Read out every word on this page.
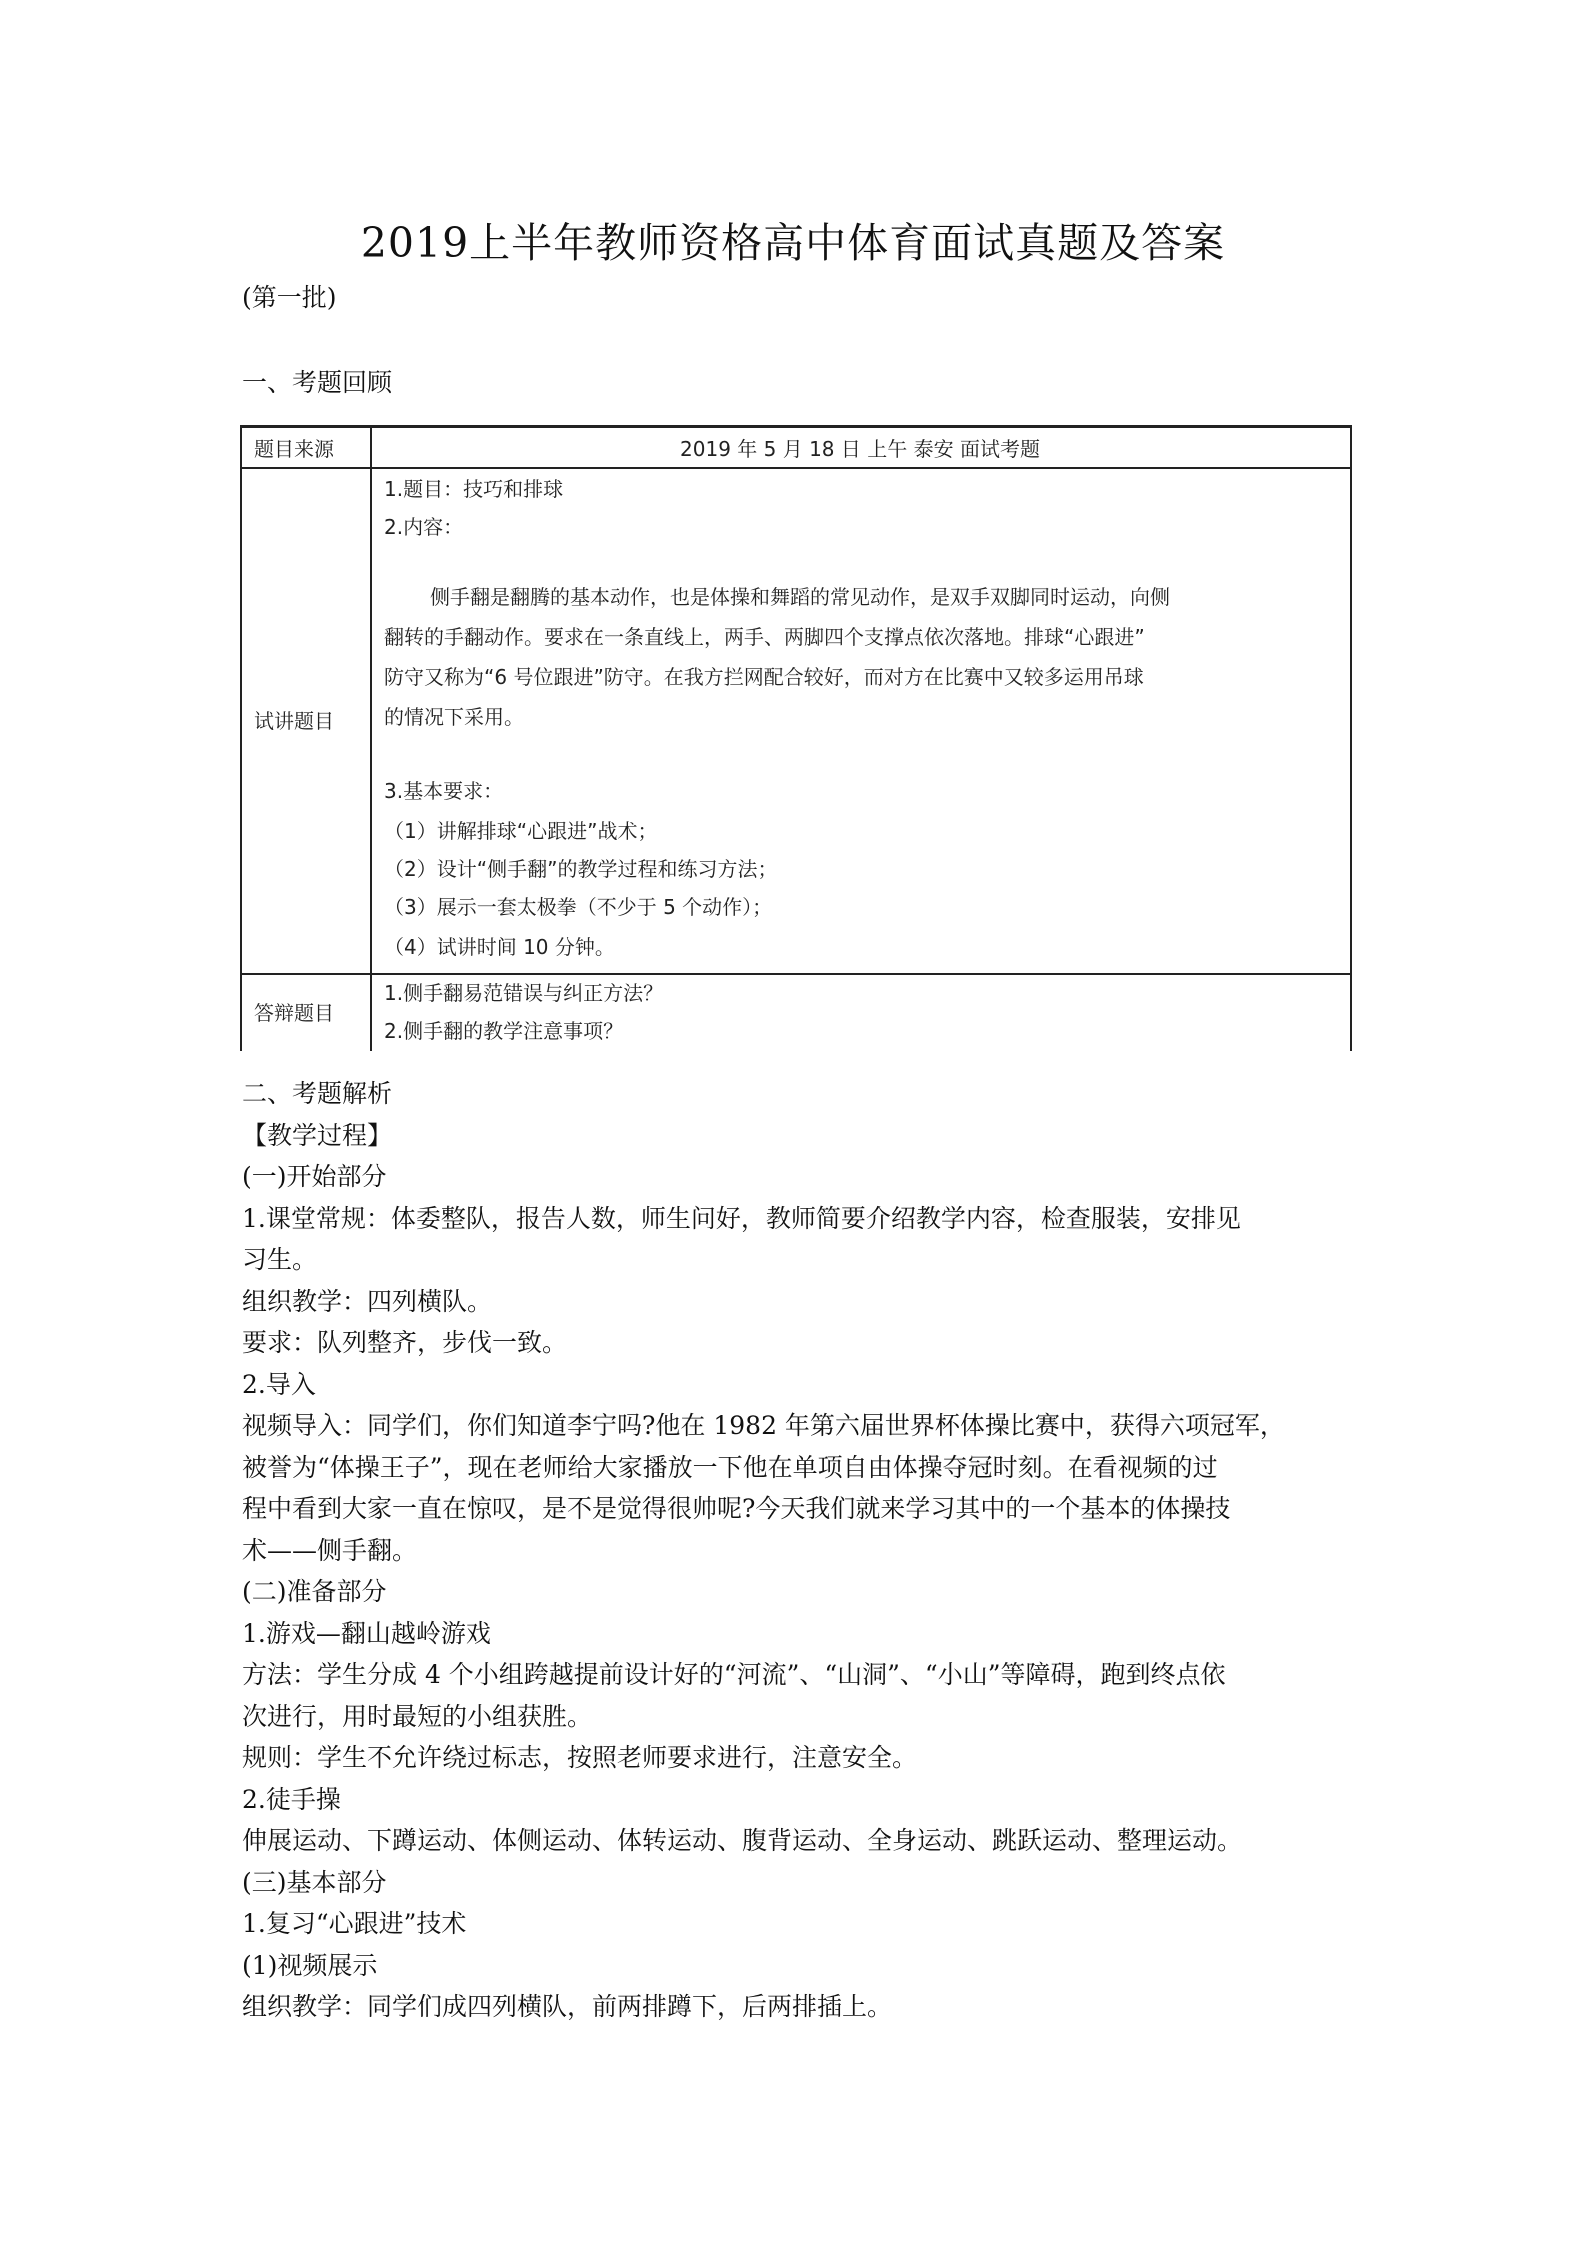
2019上半年教师资格高中体育面试真题及答案
(第一批)
一、考题回顾
题目来源	2019 年 5 月 18 日 上午 泰安 面试考题
试讲题目
1.题目：技巧和排球
2.内容：
侧手翻是翻腾的基本动作，也是体操和舞蹈的常见动作，是双手双脚同时运动，向侧
翻转的手翻动作。要求在一条直线上，两手、两脚四个支撑点依次落地。排球“心跟进”
防守又称为“6 号位跟进”防守。在我方拦网配合较好，而对方在比赛中又较多运用吊球
的情况下采用。
3.基本要求：
（1）讲解排球“心跟进”战术；
（2）设计“侧手翻”的教学过程和练习方法；
（3）展示一套太极拳（不少于 5 个动作）；
（4）试讲时间 10 分钟。
答辩题目
1.侧手翻易范错误与纠正方法？
2.侧手翻的教学注意事项？

二、考题解析

【教学过程】

(一)开始部分

1.课堂常规：体委整队，报告人数，师生问好，教师简要介绍教学内容，检查服装，安排见

习生。

组织教学：四列横队。

要求：队列整齐，步伐一致。

2.导入

视频导入：同学们，你们知道李宁吗?他在 1982 年第六届世界杯体操比赛中，获得六项冠军，

被誉为“体操王子”，现在老师给大家播放一下他在单项自由体操夺冠时刻。在看视频的过

程中看到大家一直在惊叹，是不是觉得很帅呢?今天我们就来学习其中的一个基本的体操技

术——侧手翻。

(二)准备部分

1.游戏—翻山越岭游戏

方法：学生分成 4 个小组跨越提前设计好的“河流”、“山洞”、“小山”等障碍，跑到终点依

次进行，用时最短的小组获胜。

规则：学生不允许绕过标志，按照老师要求进行，注意安全。

2.徒手操

伸展运动、下蹲运动、体侧运动、体转运动、腹背运动、全身运动、跳跃运动、整理运动。

(三)基本部分

1.复习“心跟进”技术

(1)视频展示

组织教学：同学们成四列横队，前两排蹲下，后两排插上。
